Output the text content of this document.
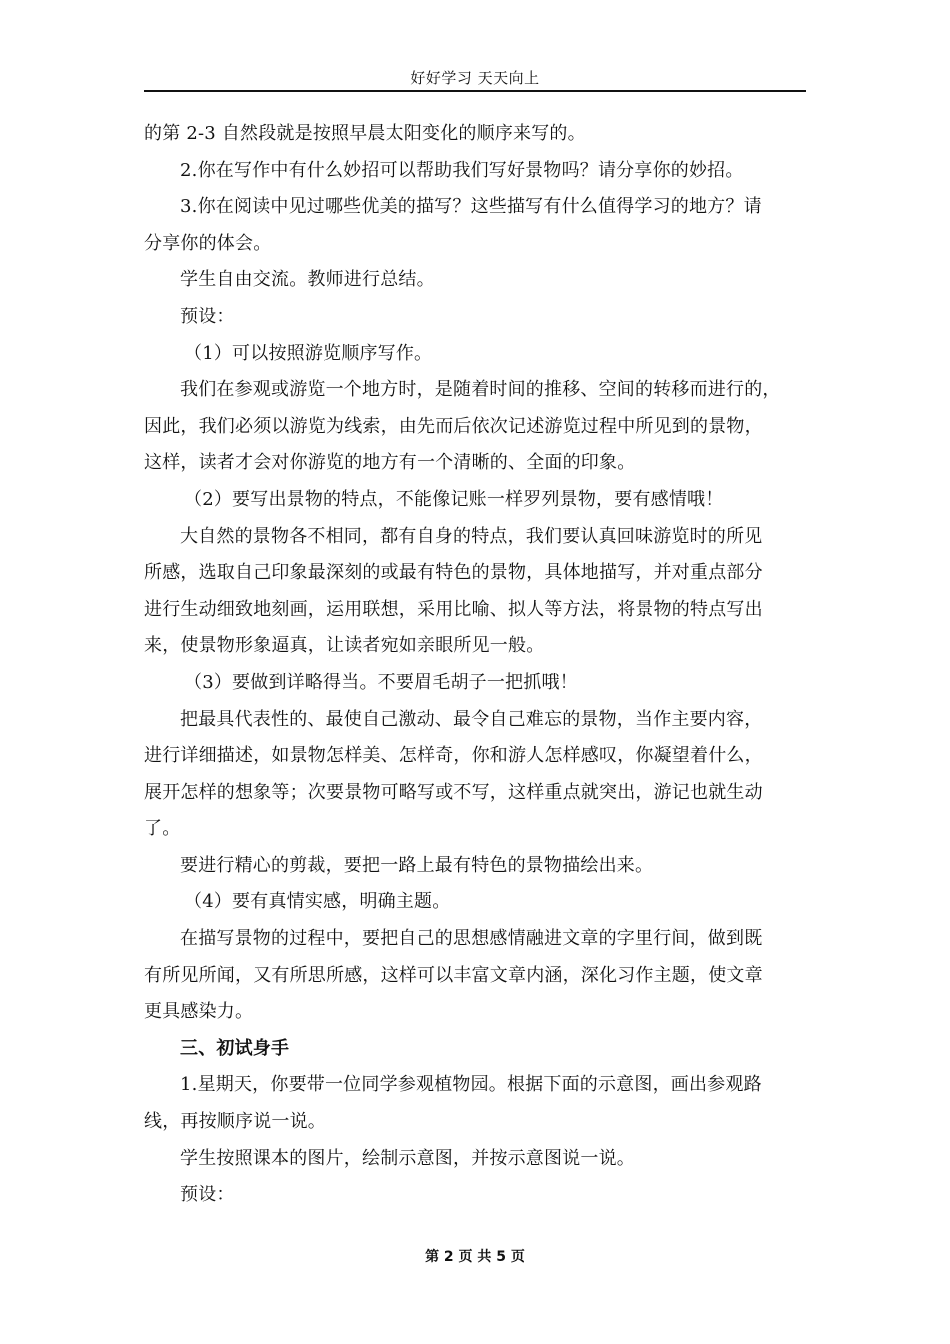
好好学习 天天向上
的第 2-3 自然段就是按照早晨太阳变化的顺序来写的。
2.你在写作中有什么妙招可以帮助我们写好景物吗？请分享你的妙招。
3.你在阅读中见过哪些优美的描写？这些描写有什么值得学习的地方？请
分享你的体会。
学生自由交流。教师进行总结。
预设：
（1）可以按照游览顺序写作。
我们在参观或游览一个地方时，是随着时间的推移、空间的转移而进行的，
因此，我们必须以游览为线索，由先而后依次记述游览过程中所见到的景物，
这样，读者才会对你游览的地方有一个清晰的、全面的印象。
（2）要写出景物的特点，不能像记账一样罗列景物，要有感情哦！
大自然的景物各不相同，都有自身的特点，我们要认真回味游览时的所见
所感，选取自己印象最深刻的或最有特色的景物，具体地描写，并对重点部分
进行生动细致地刻画，运用联想，采用比喻、拟人等方法，将景物的特点写出
来，使景物形象逼真，让读者宛如亲眼所见一般。
（3）要做到详略得当。不要眉毛胡子一把抓哦！
把最具代表性的、最使自己激动、最令自己难忘的景物，当作主要内容，
进行详细描述，如景物怎样美、怎样奇，你和游人怎样感叹，你凝望着什么，
展开怎样的想象等；次要景物可略写或不写，这样重点就突出，游记也就生动
了。
要进行精心的剪裁，要把一路上最有特色的景物描绘出来。
（4）要有真情实感，明确主题。
在描写景物的过程中，要把自己的思想感情融进文章的字里行间，做到既
有所见所闻，又有所思所感，这样可以丰富文章内涵，深化习作主题，使文章
更具感染力。
三、初试身手
1.星期天，你要带一位同学参观植物园。根据下面的示意图，画出参观路
线，再按顺序说一说。
学生按照课本的图片，绘制示意图，并按示意图说一说。
预设：
第 2 页 共 5 页
